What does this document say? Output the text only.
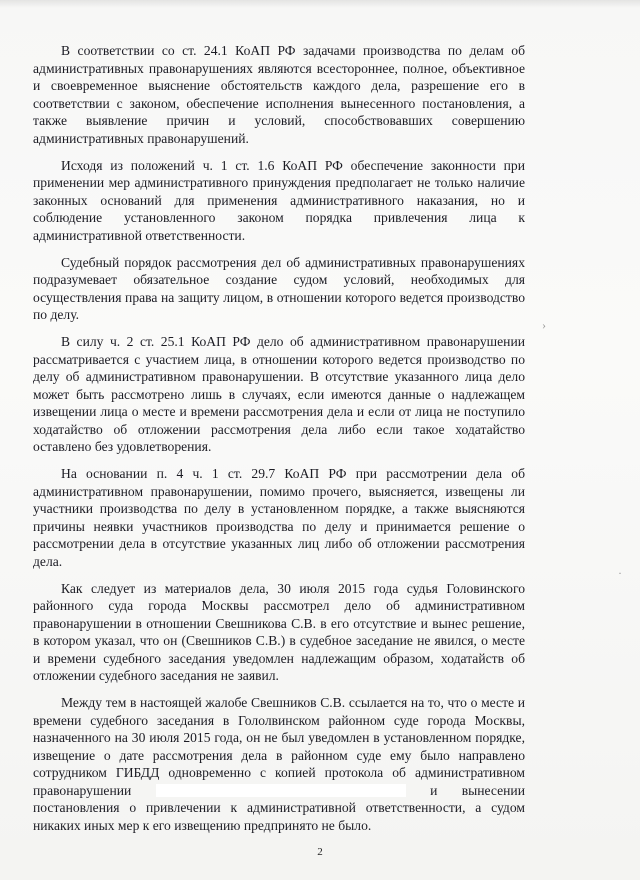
В соответствии со ст. 24.1 КоАП РФ задачами производства по делам об административных правонарушениях являются всестороннее, полное, объективное и своевременное выяснение обстоятельств каждого дела, разрешение его в соответствии с законом, обеспечение исполнения вынесенного постановления, а также выявление причин и условий, способствовавших совершению административных правонарушений.

Исходя из положений ч. 1 ст. 1.6 КоАП РФ обеспечение законности при применении мер административного принуждения предполагает не только наличие законных оснований для применения административного наказания, но и соблюдение установленного законом порядка привлечения лица к административной ответственности.

Судебный порядок рассмотрения дел об административных правонарушениях подразумевает обязательное создание судом условий, необходимых для осуществления права на защиту лицом, в отношении которого ведется производство по делу.

В силу ч. 2 ст. 25.1 КоАП РФ дело об административном правонарушении рассматривается с участием лица, в отношении которого ведется производство по делу об административном правонарушении. В отсутствие указанного лица дело может быть рассмотрено лишь в случаях, если имеются данные о надлежащем извещении лица о месте и времени рассмотрения дела и если от лица не поступило ходатайство об отложении рассмотрения дела либо если такое ходатайство оставлено без удовлетворения.

На основании п. 4 ч. 1 ст. 29.7 КоАП РФ при рассмотрении дела об административном правонарушении, помимо прочего, выясняется, извещены ли участники производства по делу в установленном порядке, а также выясняются причины неявки участников производства по делу и принимается решение о рассмотрении дела в отсутствие указанных лиц либо об отложении рассмотрения дела.

Как следует из материалов дела, 30 июля 2015 года судья Головинского районного суда города Москвы рассмотрел дело об административном правонарушении в отношении Свешникова С.В. в его отсутствие и вынес решение, в котором указал, что он (Свешников С.В.) в судебное заседание не явился, о месте и времени судебного заседания уведомлен надлежащим образом, ходатайств об отложении судебного заседания не заявил.

Между тем в настоящей жалобе Свешников С.В. ссылается на то, что о месте и времени судебного заседания в Гололвинском районном суде города Москвы, назначенного на 30 июля 2015 года, он не был уведомлен в установленном порядке, извещение о дате рассмотрения дела в районном суде ему было направлено сотрудником ГИБДД одновременно с копией протокола об административном правонарушении	и вынесении постановления о привлечении к административной ответственности, а судом никаких иных мер к его извещению предпринято не было.

›
·
2
